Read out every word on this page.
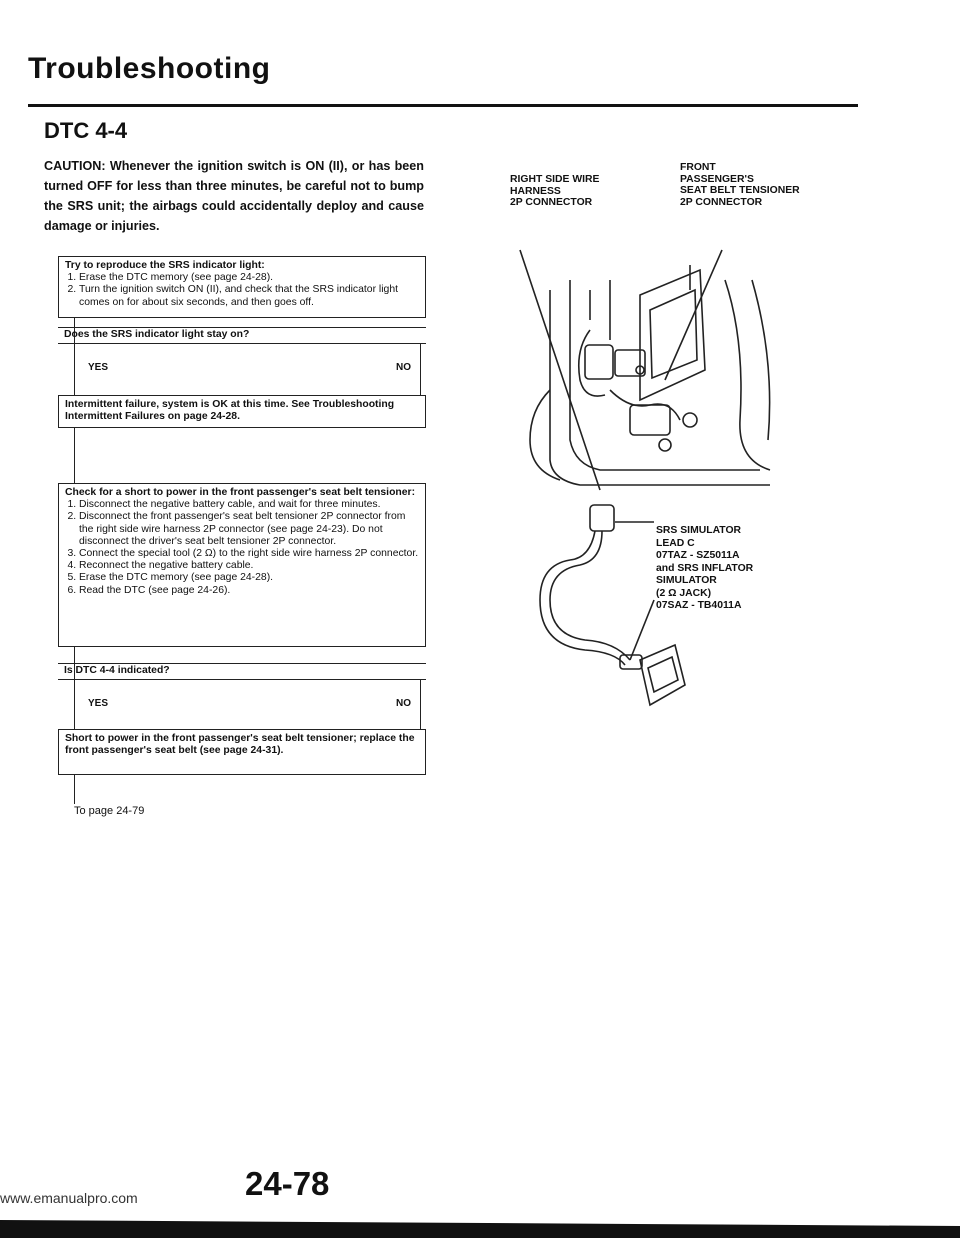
Troubleshooting
DTC 4-4
CAUTION: Whenever the ignition switch is ON (II), or has been turned OFF for less than three minutes, be careful not to bump the SRS unit; the airbags could accidentally deploy and cause damage or injuries.
Try to reproduce the SRS indicator light:
1. Erase the DTC memory (see page 24-28).
2. Turn the ignition switch ON (II), and check that the SRS indicator light comes on for about six seconds, and then goes off.
Does the SRS indicator light stay on?
YES	NO
Intermittent failure, system is OK at this time. See Troubleshooting Intermittent Failures on page 24-28.
Check for a short to power in the front passenger's seat belt tensioner:
1. Disconnect the negative battery cable, and wait for three minutes.
2. Disconnect the front passenger's seat belt tensioner 2P connector from the right side wire harness 2P connector (see page 24-23). Do not disconnect the driver's seat belt tensioner 2P connector.
3. Connect the special tool (2 Ω) to the right side wire harness 2P connector.
4. Reconnect the negative battery cable.
5. Erase the DTC memory (see page 24-28).
6. Read the DTC (see page 24-26).
Is DTC 4-4 indicated?
YES	NO
Short to power in the front passenger's seat belt tensioner; replace the front passenger's seat belt (see page 24-31).
To page 24-79
RIGHT SIDE WIRE
HARNESS
2P CONNECTOR
FRONT
PASSENGER'S
SEAT BELT TENSIONER
2P CONNECTOR
SRS SIMULATOR
LEAD C
07TAZ - SZ5011A
and SRS INFLATOR
SIMULATOR
(2 Ω JACK)
07SAZ - TB4011A
24-78
www.emanualpro.com
